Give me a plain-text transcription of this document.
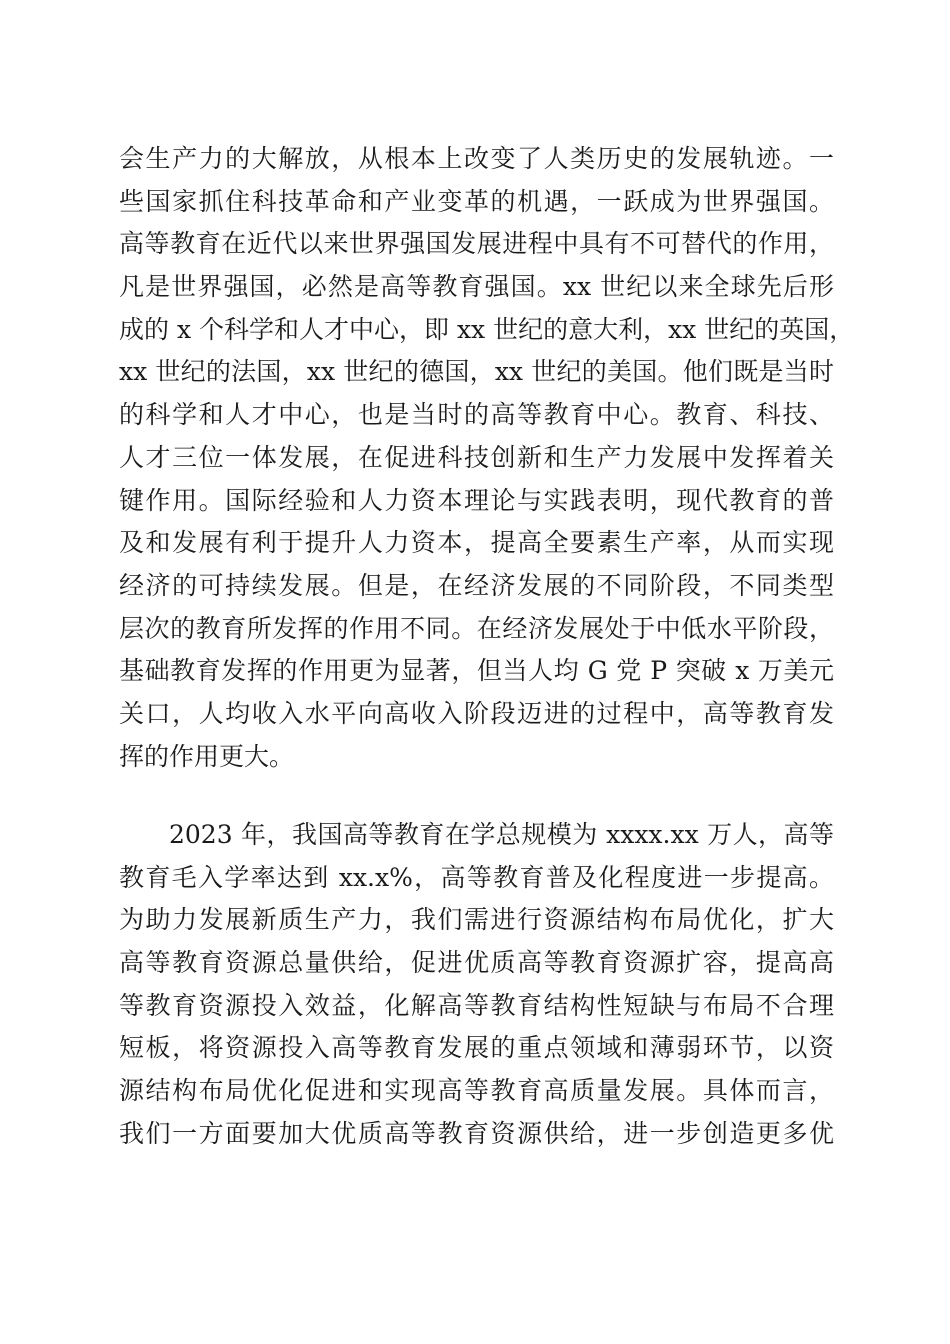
会生产力的大解放，从根本上改变了人类历史的发展轨迹。一
些国家抓住科技革命和产业变革的机遇，一跃成为世界强国。
高等教育在近代以来世界强国发展进程中具有不可替代的作用，
凡是世界强国，必然是高等教育强国。xx 世纪以来全球先后形
成的 x 个科学和人才中心，即 xx 世纪的意大利，xx 世纪的英国，
xx 世纪的法国，xx 世纪的德国，xx 世纪的美国。他们既是当时
的科学和人才中心，也是当时的高等教育中心。教育、科技、
人才三位一体发展，在促进科技创新和生产力发展中发挥着关
键作用。国际经验和人力资本理论与实践表明，现代教育的普
及和发展有利于提升人力资本，提高全要素生产率，从而实现
经济的可持续发展。但是，在经济发展的不同阶段，不同类型
层次的教育所发挥的作用不同。在经济发展处于中低水平阶段，
基础教育发挥的作用更为显著，但当人均 G 党 P 突破 x 万美元
关口，人均收入水平向高收入阶段迈进的过程中，高等教育发
挥的作用更大。
2023 年，我国高等教育在学总规模为 xxxx.xx 万人，高等
教育毛入学率达到 xx.x%，高等教育普及化程度进一步提高。
为助力发展新质生产力，我们需进行资源结构布局优化，扩大
高等教育资源总量供给，促进优质高等教育资源扩容，提高高
等教育资源投入效益，化解高等教育结构性短缺与布局不合理
短板，将资源投入高等教育发展的重点领域和薄弱环节，以资
源结构布局优化促进和实现高等教育高质量发展。具体而言，
我们一方面要加大优质高等教育资源供给，进一步创造更多优
